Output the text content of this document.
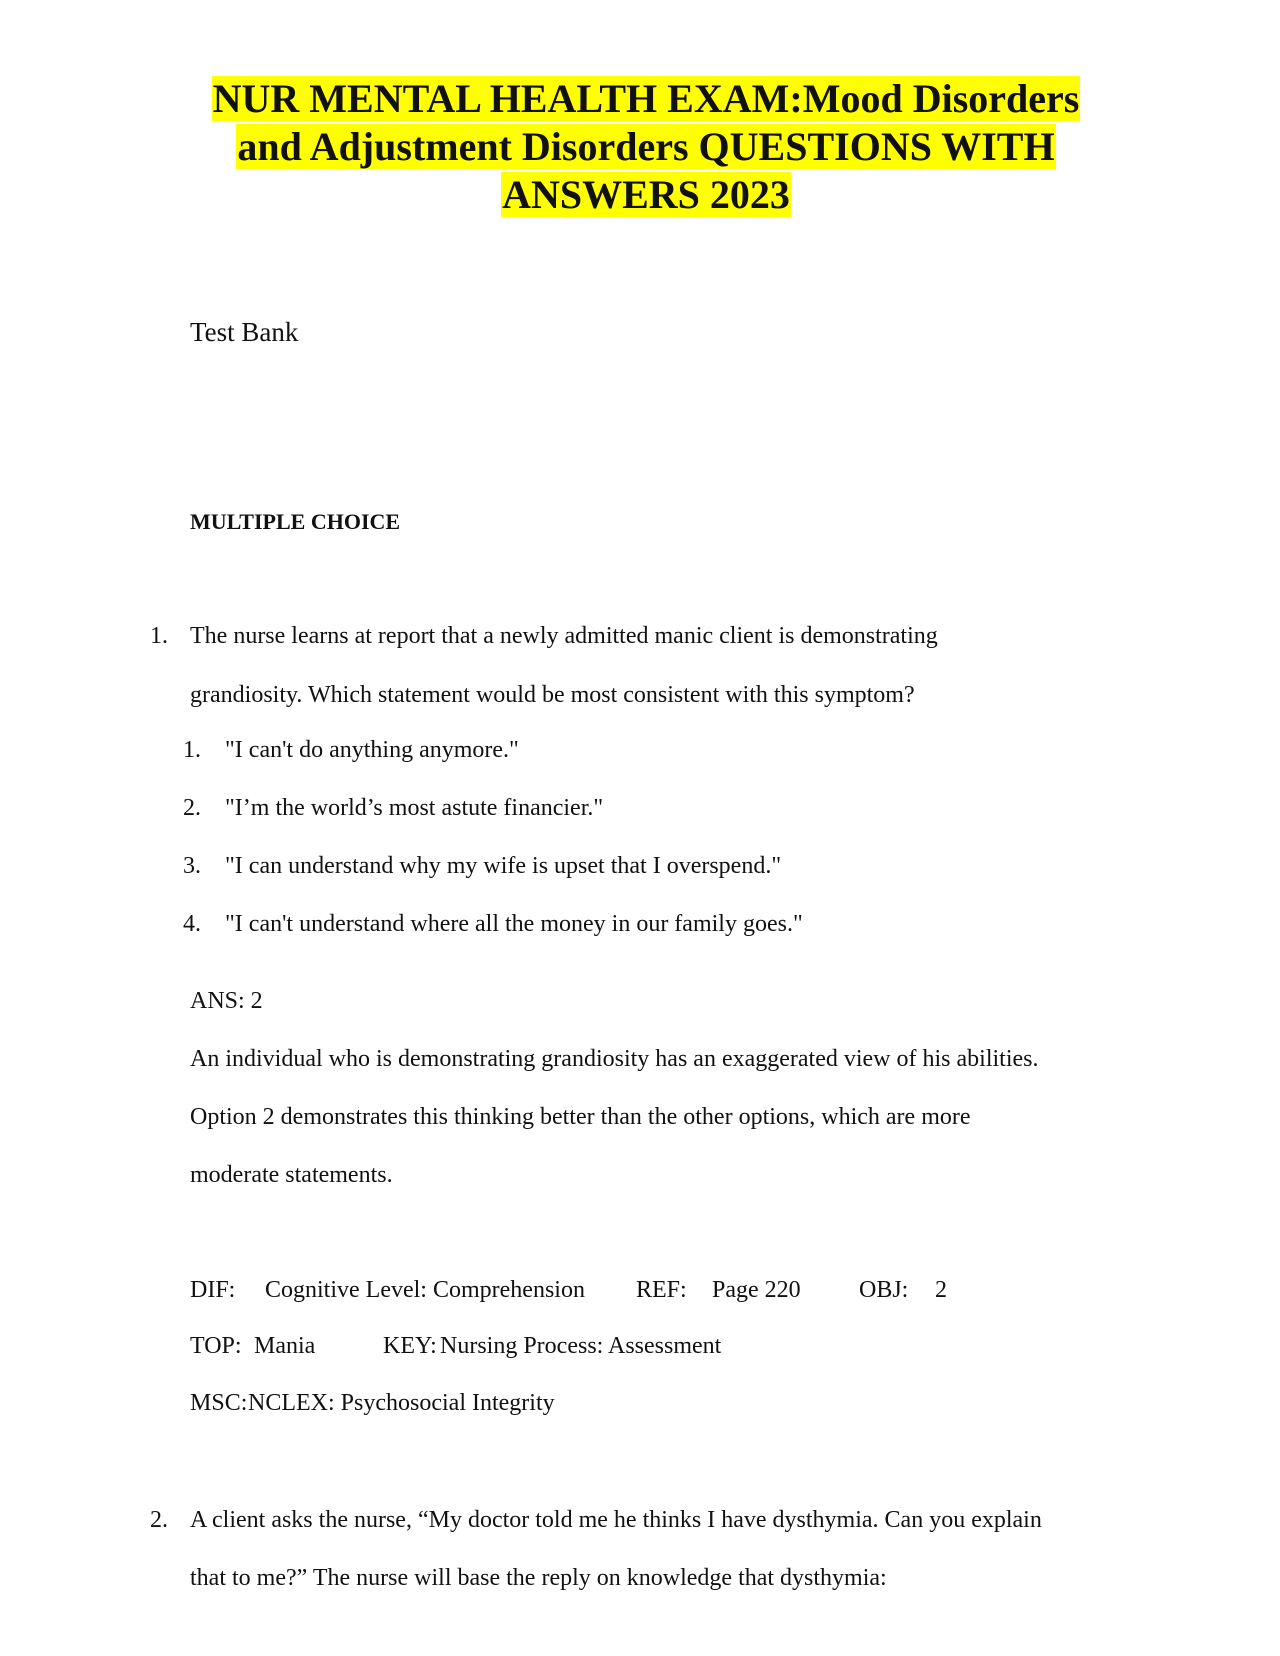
NUR MENTAL HEALTH EXAM:Mood Disorders
and Adjustment Disorders QUESTIONS WITH
ANSWERS 2023
Test Bank
MULTIPLE CHOICE
1. The nurse learns at report that a newly admitted manic client is demonstrating
grandiosity. Which statement would be most consistent with this symptom?
1. "I can't do anything anymore."
2. "I’m the world’s most astute financier."
3. "I can understand why my wife is upset that I overspend."
4. "I can't understand where all the money in our family goes."
ANS: 2
An individual who is demonstrating grandiosity has an exaggerated view of his abilities.
Option 2 demonstrates this thinking better than the other options, which are more
moderate statements.
DIF: Cognitive Level: Comprehension REF: Page 220 OBJ: 2
TOP: Mania	KEY: Nursing Process: Assessment
MSC: NCLEX: Psychosocial Integrity
2. A client asks the nurse, “My doctor told me he thinks I have dysthymia. Can you explain
that to me?” The nurse will base the reply on knowledge that dysthymia:
